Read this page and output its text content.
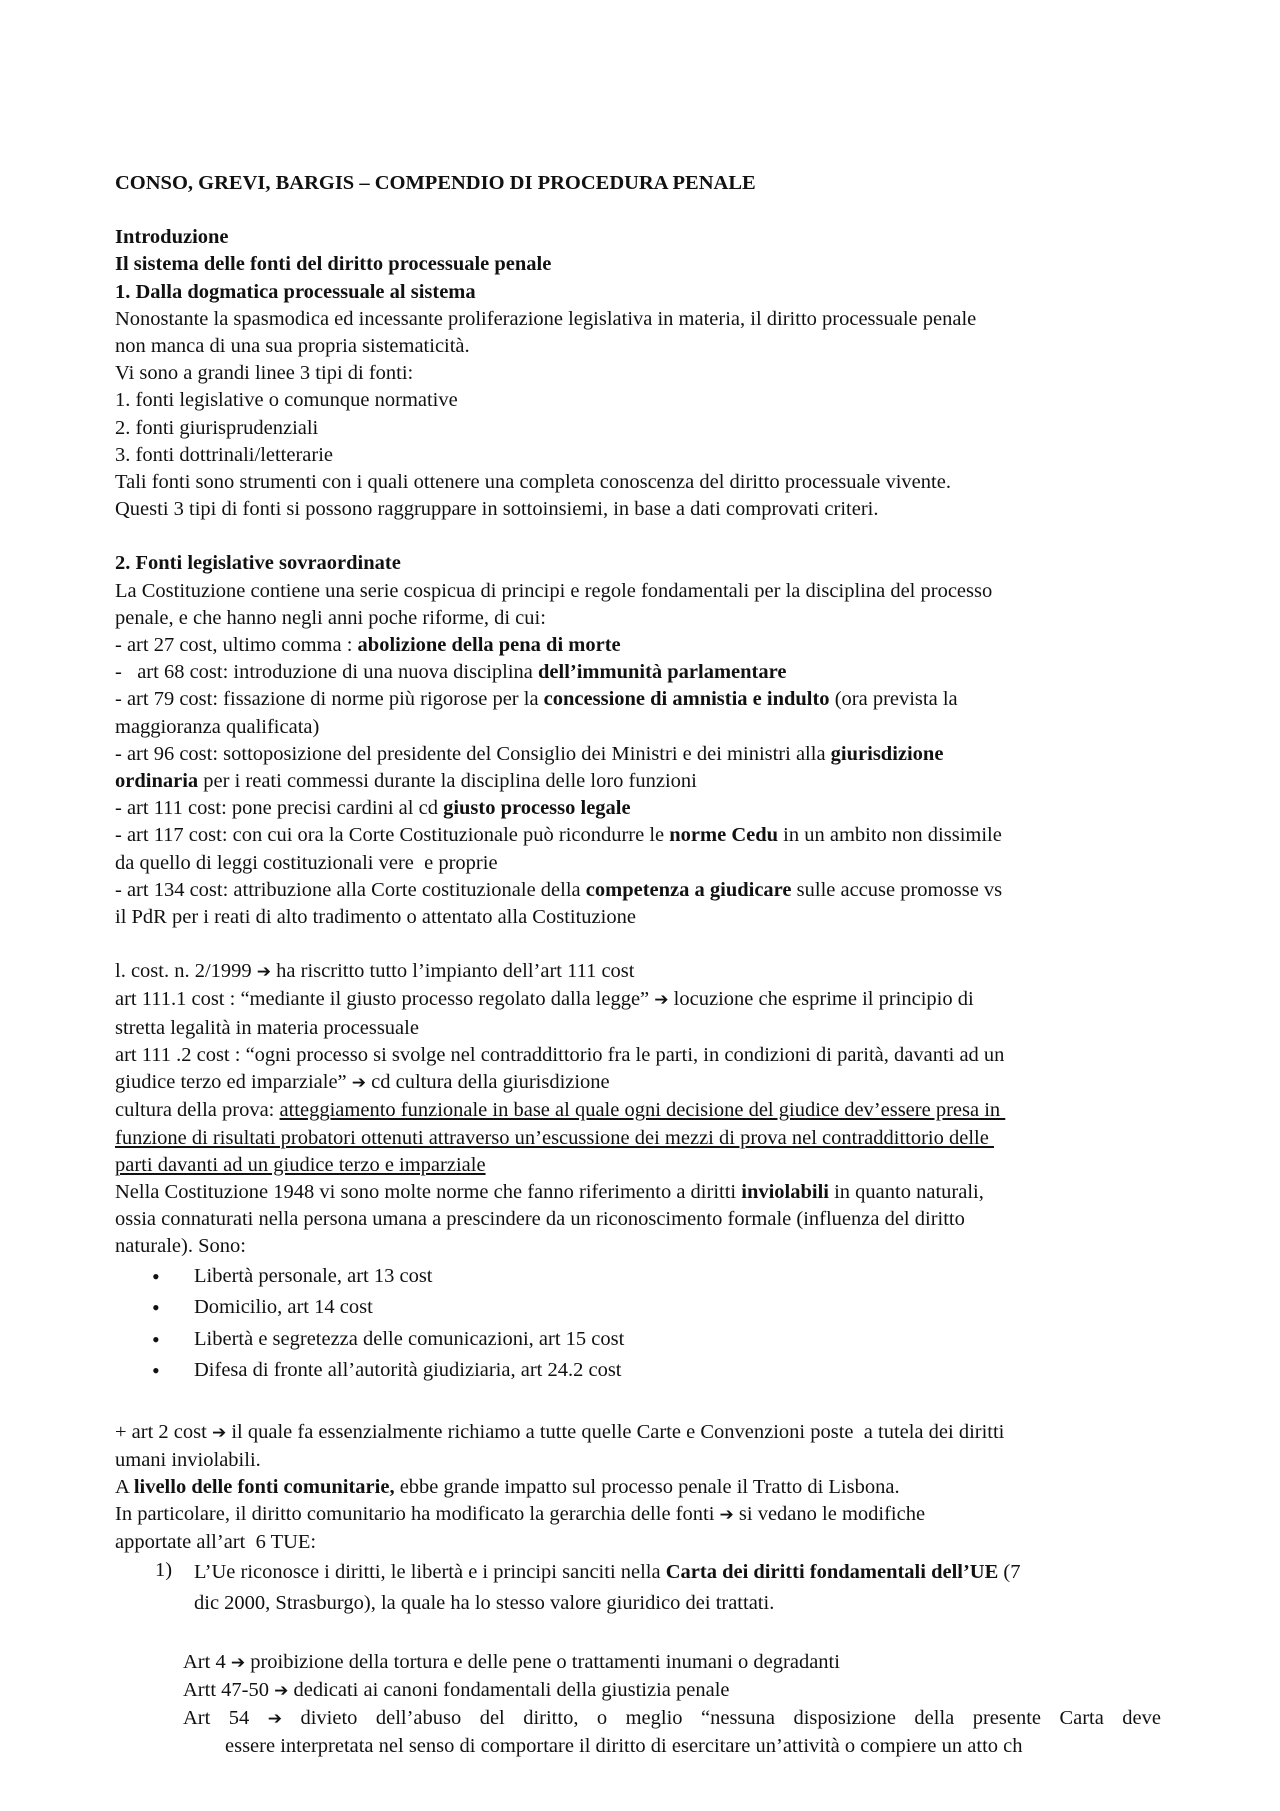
CONSO, GREVI, BARGIS – COMPENDIO DI PROCEDURA PENALE
Introduzione
Il sistema delle fonti del diritto processuale penale
1. Dalla dogmatica processuale al sistema
Nonostante la spasmodica ed incessante proliferazione legislativa in materia, il diritto processuale penale
non manca di una sua propria sistematicità.
Vi sono a grandi linee 3 tipi di fonti:
1. fonti legislative o comunque normative
2. fonti giurisprudenziali
3. fonti dottrinali/letterarie
Tali fonti sono strumenti con i quali ottenere una completa conoscenza del diritto processuale vivente.
Questi 3 tipi di fonti si possono raggruppare in sottoinsiemi, in base a dati comprovati criteri.
2. Fonti legislative sovraordinate
La Costituzione contiene una serie cospicua di principi e regole fondamentali per la disciplina del processo
penale, e che hanno negli anni poche riforme, di cui:
- art 27 cost, ultimo comma : abolizione della pena di morte
-   art 68 cost: introduzione di una nuova disciplina dell’immunità parlamentare
- art 79 cost: fissazione di norme più rigorose per la concessione di amnistia e indulto (ora prevista la
maggioranza qualificata)
- art 96 cost: sottoposizione del presidente del Consiglio dei Ministri e dei ministri alla giurisdizione
ordinaria per i reati commessi durante la disciplina delle loro funzioni
- art 111 cost: pone precisi cardini al cd giusto processo legale
- art 117 cost: con cui ora la Corte Costituzionale può ricondurre le norme Cedu in un ambito non dissimile
da quello di leggi costituzionali vere  e proprie
- art 134 cost: attribuzione alla Corte costituzionale della competenza a giudicare sulle accuse promosse vs
il PdR per i reati di alto tradimento o attentato alla Costituzione
l. cost. n. 2/1999 ➔ ha riscritto tutto l’impianto dell’art 111 cost
art 111.1 cost : “mediante il giusto processo regolato dalla legge” ➔ locuzione che esprime il principio di
stretta legalità in materia processuale
art 111 .2 cost : “ogni processo si svolge nel contraddittorio fra le parti, in condizioni di parità, davanti ad un
giudice terzo ed imparziale” ➔ cd cultura della giurisdizione
cultura della prova: atteggiamento funzionale in base al quale ogni decisione del giudice dev’essere presa in
funzione di risultati probatori ottenuti attraverso un’escussione dei mezzi di prova nel contraddittorio delle
parti davanti ad un giudice terzo e imparziale
Nella Costituzione 1948 vi sono molte norme che fanno riferimento a diritti inviolabili in quanto naturali,
ossia connaturati nella persona umana a prescindere da un riconoscimento formale (influenza del diritto
naturale). Sono:
• Libertà personale, art 13 cost
• Domicilio, art 14 cost
• Libertà e segretezza delle comunicazioni, art 15 cost
• Difesa di fronte all’autorità giudiziaria, art 24.2 cost
+ art 2 cost ➔ il quale fa essenzialmente richiamo a tutte quelle Carte e Convenzioni poste  a tutela dei diritti
umani inviolabili.
A livello delle fonti comunitarie, ebbe grande impatto sul processo penale il Tratto di Lisbona.
In particolare, il diritto comunitario ha modificato la gerarchia delle fonti ➔ si vedano le modifiche
apportate all’art  6 TUE:
1) L’Ue riconosce i diritti, le libertà e i principi sanciti nella Carta dei diritti fondamentali dell’UE (7
dic 2000, Strasburgo), la quale ha lo stesso valore giuridico dei trattati.
Art 4 ➔ proibizione della tortura e delle pene o trattamenti inumani o degradanti
Artt 47-50 ➔ dedicati ai canoni fondamentali della giustizia penale
Art 54 ➔ divieto dell’abuso del diritto, o meglio “nessuna disposizione della presente Carta deve
essere interpretata nel senso di comportare il diritto di esercitare un’attività o compiere un atto ch
